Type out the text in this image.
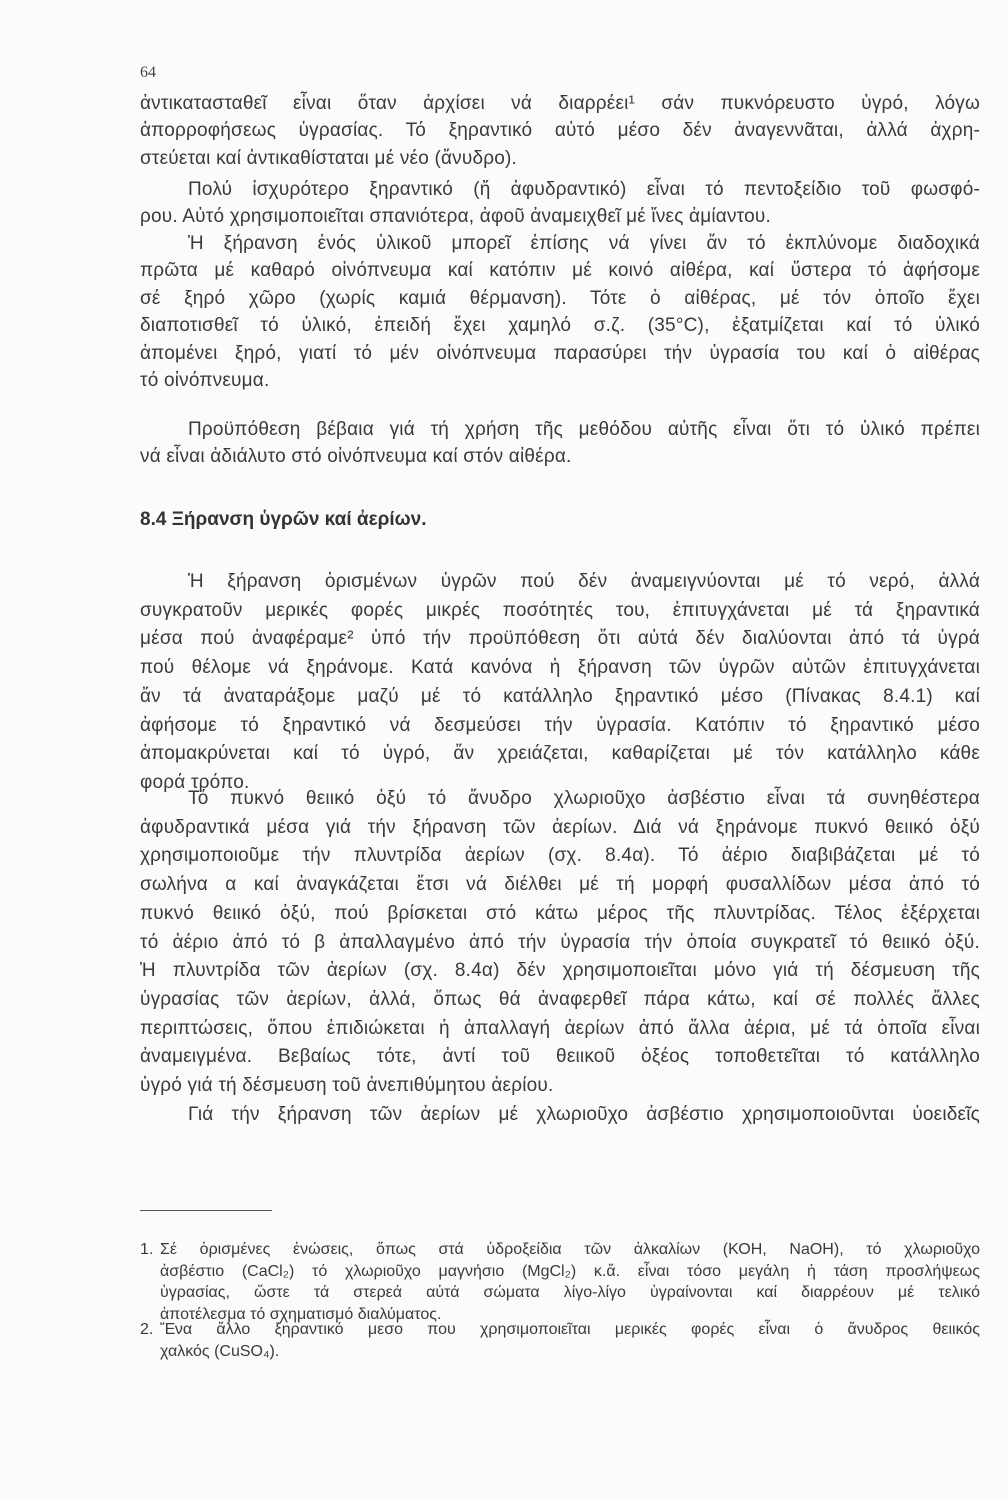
64
ἀντικατασταθεῖ εἶναι ὅταν ἀρχίσει νά διαρρέει¹ σάν πυκνόρευστο ὑγρό, λόγω
ἀπορροφήσεως ὑγρασίας. Τό ξηραντικό αὐτό μέσο δέν ἀναγεννᾶται, ἀλλά ἀχρη-
στεύεται καί ἀντικαθίσταται μέ νέο (ἄνυδρο).
Πολύ ἰσχυρότερο ξηραντικό (ἤ ἀφυδραντικό) εἶναι τό πεντοξείδιο τοῦ φωσφό-
ρου. Αὐτό χρησιμοποιεῖται σπανιότερα, ἀφοῦ ἀναμειχθεῖ μέ ἴνες ἀμίαντου.
Ἡ ξήρανση ἑνός ὑλικοῦ μπορεῖ ἐπίσης νά γίνει ἄν τό ἐκπλύνομε διαδοχικά
πρῶτα μέ καθαρό οἰνόπνευμα καί κατόπιν μέ κοινό αἰθέρα, καί ὕστερα τό ἀφήσομε
σέ ξηρό χῶρο (χωρίς καμιά θέρμανση). Τότε ὁ αἰθέρας, μέ τόν ὁποῖο ἔχει
διαποτισθεῖ τό ὑλικό, ἐπειδή ἔχει χαμηλό σ.ζ. (35°C), ἐξατμίζεται καί τό ὑλικό
ἀπομένει ξηρό, γιατί τό μέν οἰνόπνευμα παρασύρει τήν ὑγρασία του καί ὁ αἰθέρας
τό οἰνόπνευμα.
Προϋπόθεση βέβαια γιά τή χρήση τῆς μεθόδου αὐτῆς εἶναι ὅτι τό ὑλικό πρέπει
νά εἶναι ἀδιάλυτο στό οἰνόπνευμα καί στόν αἰθέρα.
8.4 Ξήρανση ὑγρῶν καί ἀερίων.
Ἡ ξήρανση ὁρισμένων ὑγρῶν πού δέν ἀναμειγνύονται μέ τό νερό, ἀλλά
συγκρατοῦν μερικές φορές μικρές ποσότητές του, ἐπιτυγχάνεται μέ τά ξηραντικά
μέσα πού ἀναφέραμε² ὑπό τήν προϋπόθεση ὅτι αὐτά δέν διαλύονται ἀπό τά ὑγρά
πού θέλομε νά ξηράνομε. Κατά κανόνα ἡ ξήρανση τῶν ὑγρῶν αὐτῶν ἐπιτυγχάνεται
ἄν τά ἀναταράξομε μαζύ μέ τό κατάλληλο ξηραντικό μέσο (Πίνακας 8.4.1) καί
ἀφήσομε τό ξηραντικό νά δεσμεύσει τήν ὑγρασία. Κατόπιν τό ξηραντικό μέσο
ἀπομακρύνεται καί τό ὑγρό, ἄν χρειάζεται, καθαρίζεται μέ τόν κατάλληλο κάθε
φορά τρόπο.
Τό πυκνό θειικό ὀξύ τό ἄνυδρο χλωριοῦχο ἀσβέστιο εἶναι τά συνηθέστερα
ἀφυδραντικά μέσα γιά τήν ξήρανση τῶν ἀερίων. Διά νά ξηράνομε πυκνό θειικό ὀξύ
χρησιμοποιοῦμε τήν πλυντρίδα ἀερίων (σχ. 8.4α). Τό ἀέριο διαβιβάζεται μέ τό
σωλήνα α καί ἀναγκάζεται ἔτσι νά διέλθει μέ τή μορφή φυσαλλίδων μέσα ἀπό τό
πυκνό θειικό ὀξύ, πού βρίσκεται στό κάτω μέρος τῆς πλυντρίδας. Τέλος ἐξέρχεται
τό ἀέριο ἀπό τό β ἀπαλλαγμένο ἀπό τήν ὑγρασία τήν ὁποία συγκρατεῖ τό θειικό ὀξύ.
Ἡ πλυντρίδα τῶν ἀερίων (σχ. 8.4α) δέν χρησιμοποιεῖται μόνο γιά τή δέσμευση τῆς
ὑγρασίας τῶν ἀερίων, ἀλλά, ὅπως θά ἀναφερθεῖ πάρα κάτω, καί σέ πολλές ἄλλες
περιπτώσεις, ὅπου ἐπιδιώκεται ἡ ἀπαλλαγή ἀερίων ἀπό ἄλλα ἀέρια, μέ τά ὁποῖα εἶναι
ἀναμειγμένα. Βεβαίως τότε, ἀντί τοῦ θειικοῦ ὀξέος τοποθετεῖται τό κατάλληλο
ὑγρό γιά τή δέσμευση τοῦ ἀνεπιθύμητου ἀερίου.
Γιά τήν ξήρανση τῶν ἀερίων μέ χλωριοῦχο ἀσβέστιο χρησιμοποιοῦνται ὑοειδεῖς
1. Σέ ὁρισμένες ἑνώσεις, ὅπως στά ὑδροξείδια τῶν ἀλκαλίων (ΚΟΗ, NaOH), τό χλωριοῦχο
ἀσβέστιο (CaCl₂) τό χλωριοῦχο μαγνήσιο (MgCl₂) κ.ἄ. εἶναι τόσο μεγάλη ἡ τάση προσλήψεως
ὑγρασίας, ὥστε τά στερεά αὐτά σώματα λίγο-λίγο ὑγραίνονται καί διαρρέουν μέ τελικό
ἀποτέλεσμα τό σχηματισμό διαλύματος.
2. Ἕνα ἄλλο ξηραντικό μεσο που χρησιμοποιεῖται μερικές φορές εἶναι ὁ ἄνυδρος θειικός
χαλκός (CuSO₄).
